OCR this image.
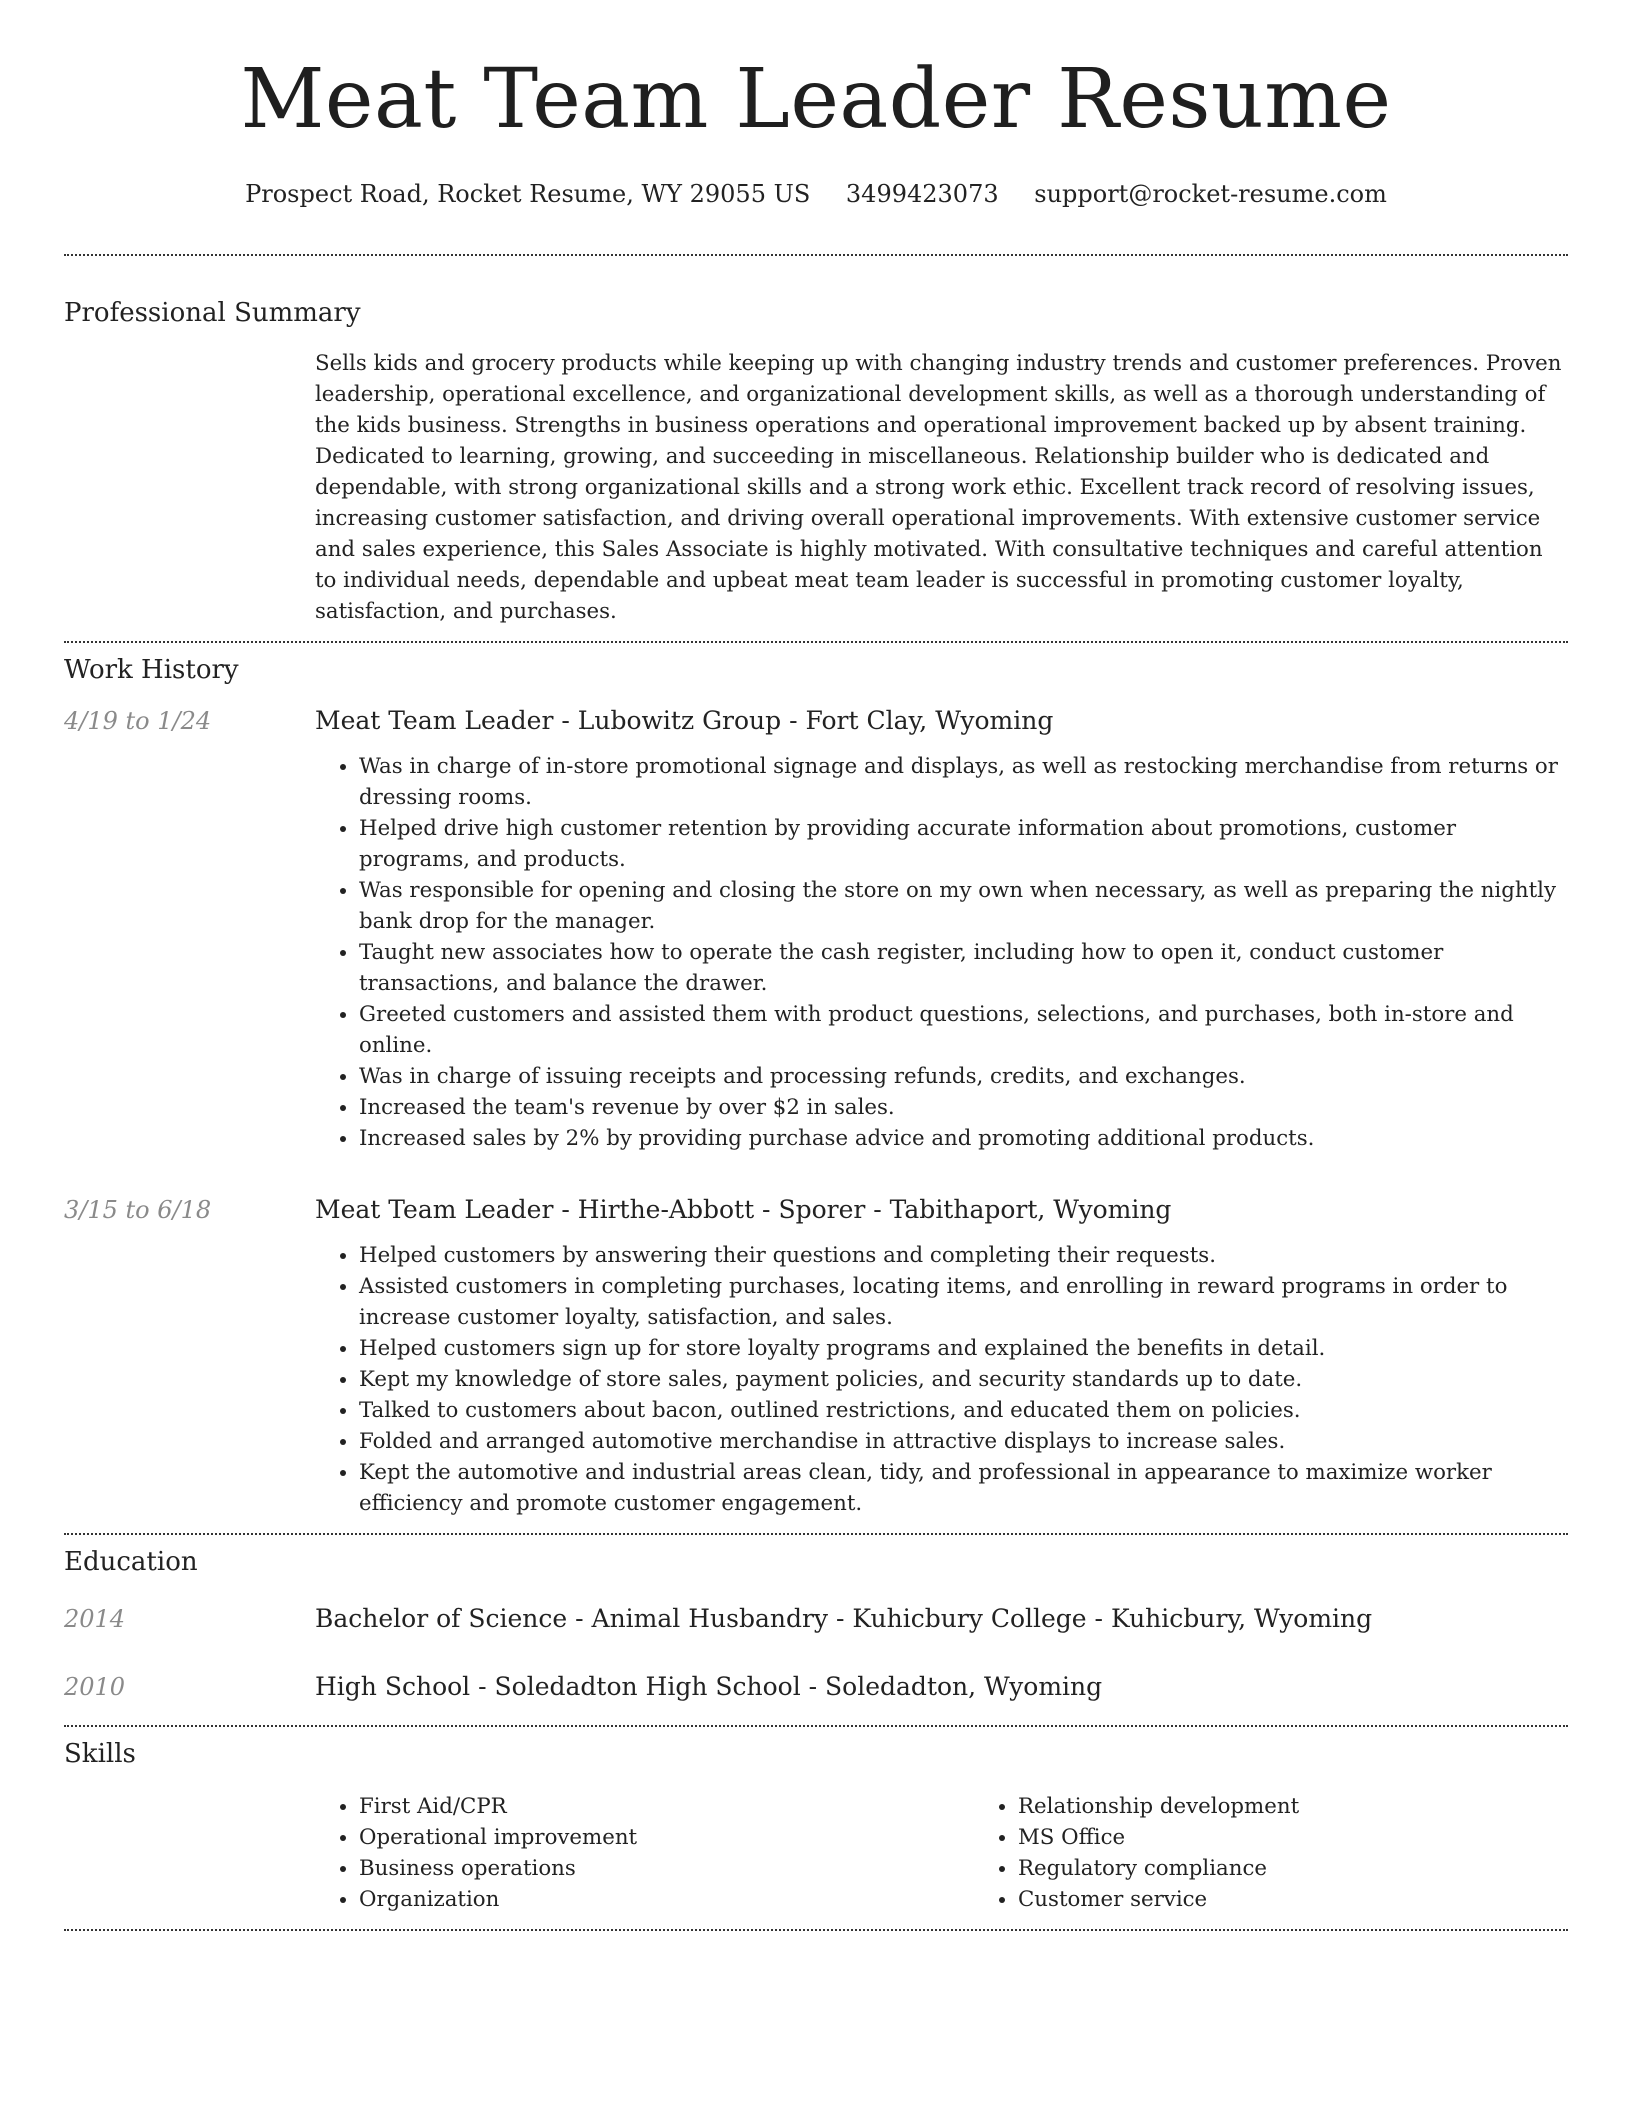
Meat Team Leader Resume
Prospect Road, Rocket Resume, WY 29055 US 3499423073 support@rocket-resume.com
Professional Summary

Sells kids and grocery products while keeping up with changing industry trends and customer preferences. Proven leadership, operational excellence, and organizational development skills, as well as a thorough understanding of the kids business. Strengths in business operations and operational improvement backed up by absent training. Dedicated to learning, growing, and succeeding in miscellaneous. Relationship builder who is dedicated and dependable, with strong organizational skills and a strong work ethic. Excellent track record of resolving issues, increasing customer satisfaction, and driving overall operational improvements. With extensive customer service and sales experience, this Sales Associate is highly motivated. With consultative techniques and careful attention to individual needs, dependable and upbeat meat team leader is successful in promoting customer loyalty, satisfaction, and purchases.

Work History
4/19 to 1/24	Meat Team Leader - Lubowitz Group - Fort Clay, Wyoming
• Was in charge of in-store promotional signage and displays, as well as restocking merchandise from returns or dressing rooms.
• Helped drive high customer retention by providing accurate information about promotions, customer programs, and products.
• Was responsible for opening and closing the store on my own when necessary, as well as preparing the nightly bank drop for the manager.
• Taught new associates how to operate the cash register, including how to open it, conduct customer transactions, and balance the drawer.
• Greeted customers and assisted them with product questions, selections, and purchases, both in-store and online.
• Was in charge of issuing receipts and processing refunds, credits, and exchanges.
• Increased the team's revenue by over $2 in sales.
• Increased sales by 2% by providing purchase advice and promoting additional products.
3/15 to 6/18	Meat Team Leader - Hirthe-Abbott - Sporer - Tabithaport, Wyoming
• Helped customers by answering their questions and completing their requests.
• Assisted customers in completing purchases, locating items, and enrolling in reward programs in order to increase customer loyalty, satisfaction, and sales.
• Helped customers sign up for store loyalty programs and explained the benefits in detail.
• Kept my knowledge of store sales, payment policies, and security standards up to date.
• Talked to customers about bacon, outlined restrictions, and educated them on policies.
• Folded and arranged automotive merchandise in attractive displays to increase sales.
• Kept the automotive and industrial areas clean, tidy, and professional in appearance to maximize worker efficiency and promote customer engagement.
Education
2014	Bachelor of Science - Animal Husbandry - Kuhicbury College - Kuhicbury, Wyoming
2010	High School - Soledadton High School - Soledadton, Wyoming
Skills
• First Aid/CPR
• Operational improvement
• Business operations
• Organization
• Relationship development
• MS Office
• Regulatory compliance
• Customer service
